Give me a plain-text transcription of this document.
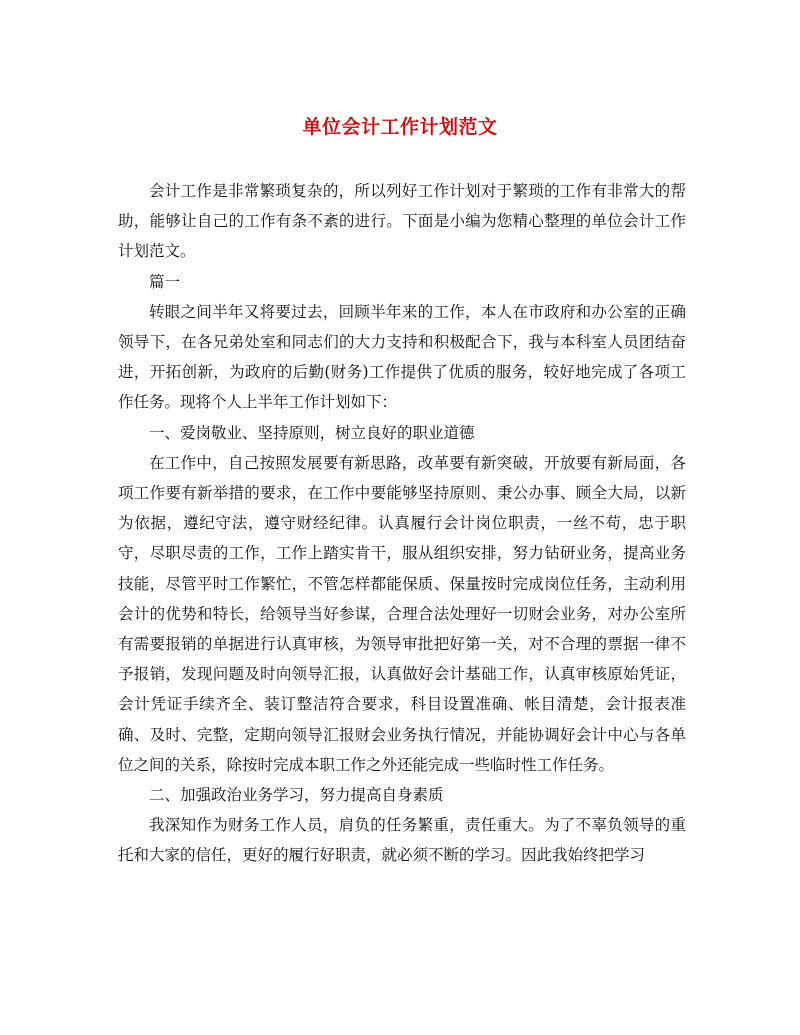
单位会计工作计划范文

会计工作是非常繁琐复杂的，所以列好工作计划对于繁琐的工作有非常大的帮助，能够让自己的工作有条不紊的进行。下面是小编为您精心整理的单位会计工作计划范文。

篇一

转眼之间半年又将要过去，回顾半年来的工作，本人在市政府和办公室的正确领导下，在各兄弟处室和同志们的大力支持和积极配合下，我与本科室人员团结奋进，开拓创新，为政府的后勤(财务)工作提供了优质的服务，较好地完成了各项工作任务。现将个人上半年工作计划如下：

一、爱岗敬业、坚持原则，树立良好的职业道德

在工作中，自己按照发展要有新思路，改革要有新突破，开放要有新局面，各项工作要有新举措的要求，在工作中要能够坚持原则、秉公办事、顾全大局，以新为依据，遵纪守法，遵守财经纪律。认真履行会计岗位职责，一丝不苟，忠于职守，尽职尽责的工作，工作上踏实肯干，服从组织安排，努力钻研业务，提高业务技能，尽管平时工作繁忙，不管怎样都能保质、保量按时完成岗位任务，主动利用会计的优势和特长，给领导当好参谋，合理合法处理好一切财会业务，对办公室所有需要报销的单据进行认真审核，为领导审批把好第一关，对不合理的票据一律不予报销，发现问题及时向领导汇报，认真做好会计基础工作，认真审核原始凭证，会计凭证手续齐全、装订整洁符合要求，科目设置准确、帐目清楚，会计报表准确、及时、完整，定期向领导汇报财会业务执行情况，并能协调好会计中心与各单位之间的关系，除按时完成本职工作之外还能完成一些临时性工作任务。

二、加强政治业务学习，努力提高自身素质

我深知作为财务工作人员，肩负的任务繁重，责任重大。为了不辜负领导的重托和大家的信任，更好的履行好职责，就必须不断的学习。因此我始终把学习
